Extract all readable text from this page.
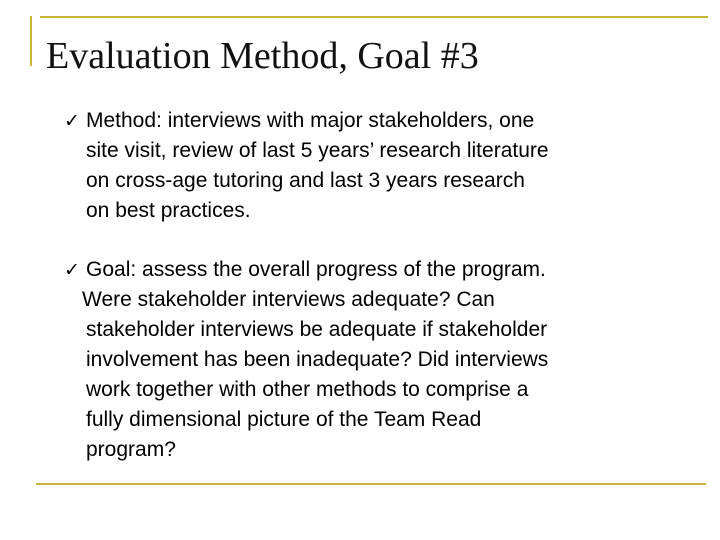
Evaluation Method, Goal #3
✓ Method: interviews with major stakeholders, one
site visit, review of last 5 years’ research literature
on cross-age tutoring and last 3 years research
on best practices.
✓ Goal: assess the overall progress of the program.
Were stakeholder interviews adequate? Can
stakeholder interviews be adequate if stakeholder
involvement has been inadequate? Did interviews
work together with other methods to comprise a
fully dimensional picture of the Team Read
program?
